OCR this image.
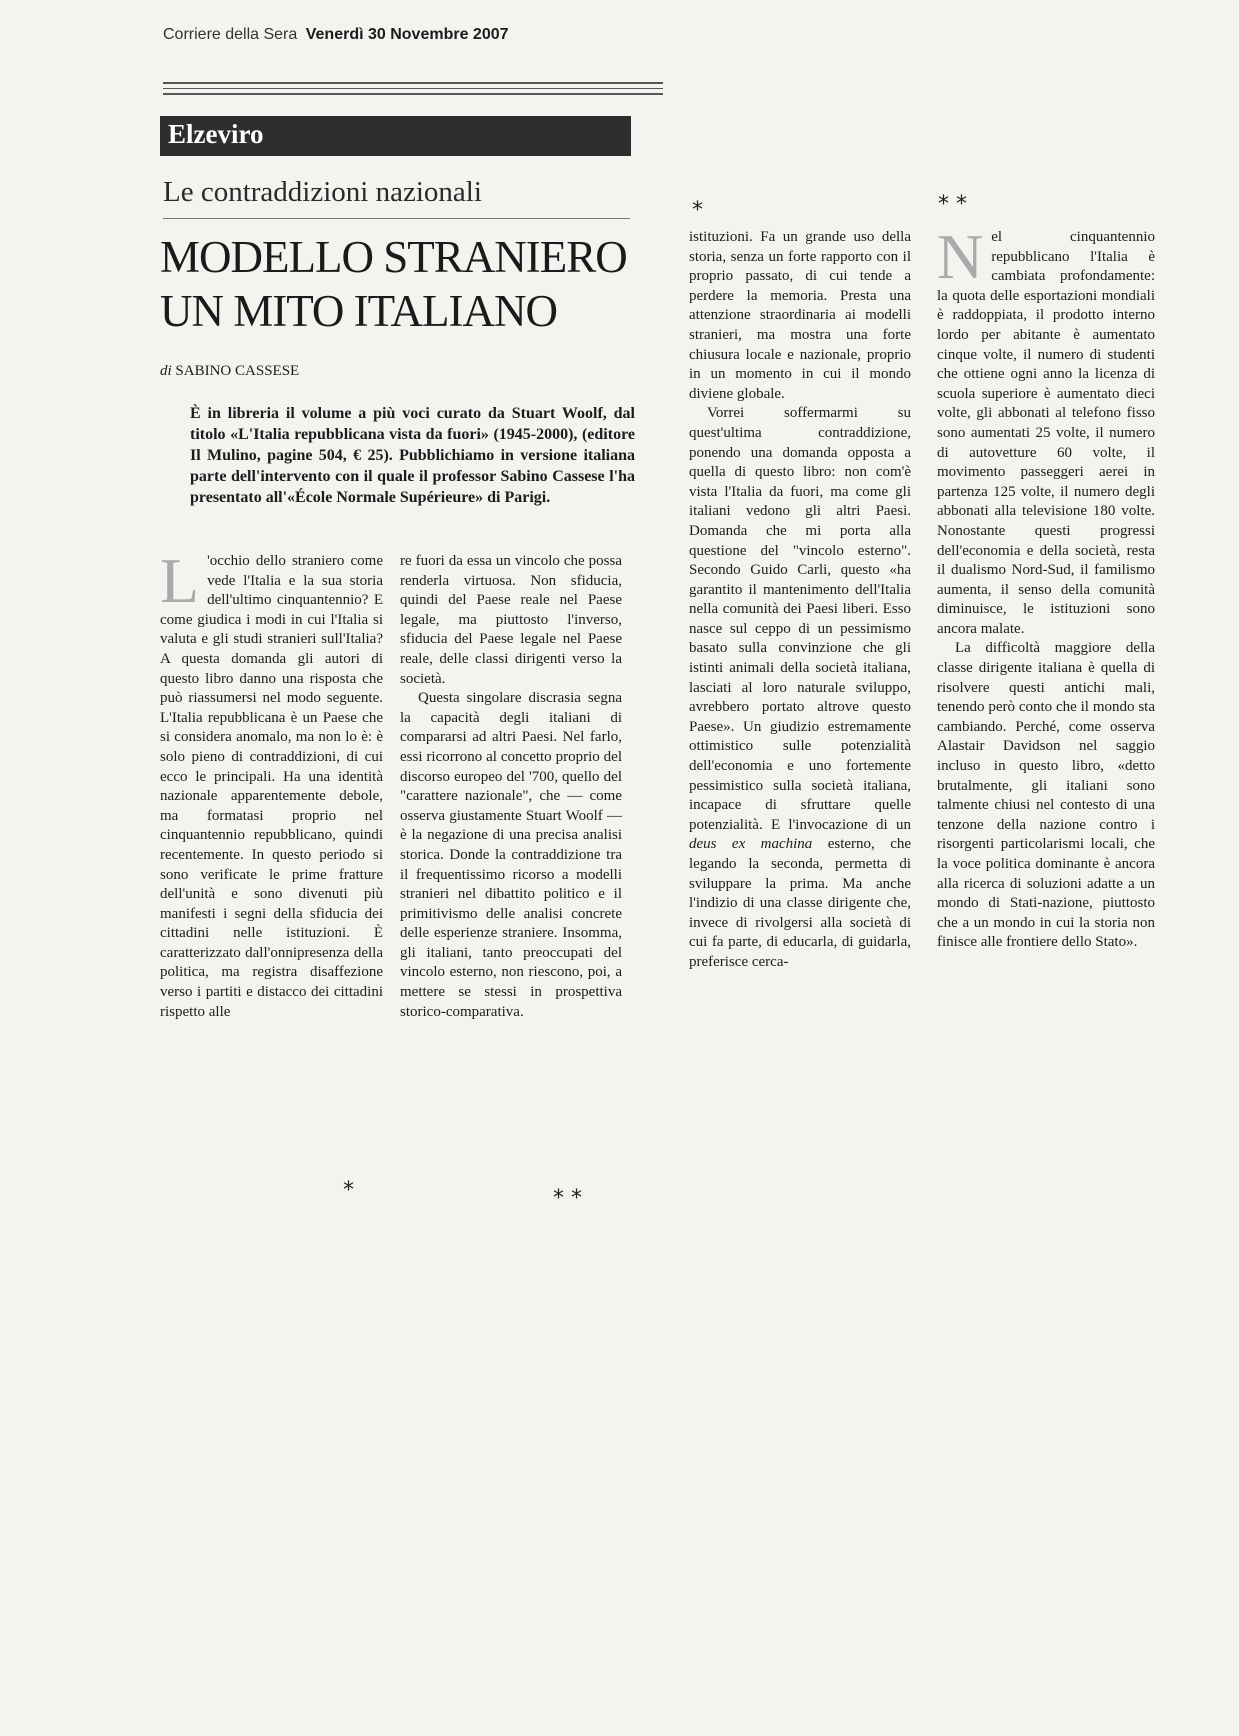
Corriere della Sera Venerdì 30 Novembre 2007
Elzeviro
Le contraddizioni nazionali
MODELLO STRANIERO
UN MITO ITALIANO
di SABINO CASSESE
È in libreria il volume a più voci curato da Stuart Woolf, dal titolo «L'Italia repubblicana vista da fuori» (1945-2000), (editore Il Mulino, pagine 504, € 25). Pubblichiamo in versione italiana parte dell'intervento con il quale il professor Sabino Cassese l'ha presentato all'«École Normale Supérieure» di Parigi.
L 'occhio dello straniero come vede l'Italia e la sua storia dell'ultimo cinquantennio? E come giudica i modi in cui l'Italia si valuta e gli studi stranieri sull'Italia? A questa domanda gli autori di questo libro danno una risposta che può riassumersi nel modo seguente. L'Italia repubblicana è un Paese che si considera anomalo, ma non lo è: è solo pieno di contraddizioni, di cui ecco le principali. Ha una identità nazionale apparentemente debole, ma formatasi proprio nel cinquantennio repubblicano, quindi recentemente. In questo periodo si sono verificate le prime fratture dell'unità e sono divenuti più manifesti i segni della sfiducia dei cittadini nelle istituzioni. È caratterizzato dall'onnipresenza della politica, ma registra disaffezione verso i partiti e distacco dei cittadini rispetto alle

*

re fuori da essa un vincolo che possa renderla virtuosa. Non sfiducia, quindi del Paese reale nel Paese legale, ma piuttosto l'inverso, sfiducia del Paese legale nel Paese reale, delle classi dirigenti verso la società.

Questa singolare discrasia segna la capacità degli italiani di compararsi ad altri Paesi. Nel farlo, essi ricorrono al concetto proprio del discorso europeo del '700, quello del "carattere nazionale", che — come osserva giustamente Stuart Woolf — è la negazione di una precisa analisi storica. Donde la contraddizione tra il frequentissimo ricorso a modelli stranieri nel dibattito politico e il primitivismo delle analisi concrete delle esperienze straniere. Insomma, gli italiani, tanto preoccupati del vincolo esterno, non riescono, poi, a mettere se stessi in prospettiva storico-comparativa.

* *
*

istituzioni. Fa un grande uso della storia, senza un forte rapporto con il proprio passato, di cui tende a perdere la memoria. Presta una attenzione straordinaria ai modelli stranieri, ma mostra una forte chiusura locale e nazionale, proprio in un momento in cui il mondo diviene globale.

Vorrei soffermarmi su quest'ultima contraddizione, ponendo una domanda opposta a quella di questo libro: non com'è vista l'Italia da fuori, ma come gli italiani vedono gli altri Paesi. Domanda che mi porta alla questione del "vincolo esterno". Secondo Guido Carli, questo «ha garantito il mantenimento dell'Italia nella comunità dei Paesi liberi. Esso nasce sul ceppo di un pessimismo basato sulla convinzione che gli istinti animali della società italiana, lasciati al loro naturale sviluppo, avrebbero portato altrove questo Paese». Un giudizio estremamente ottimistico sulle potenzialità dell'economia e uno fortemente pessimistico sulla società italiana, incapace di sfruttare quelle potenzialità. E l'invocazione di un deus ex machina esterno, che legando la seconda, permetta di sviluppare la prima. Ma anche l'indizio di una classe dirigente che, invece di rivolgersi alla società di cui fa parte, di educarla, di guidarla, preferisce cerca-

* *
N el cinquantennio repubblicano l'Italia è cambiata profondamente: la quota delle esportazioni mondiali è raddoppiata, il prodotto interno lordo per abitante è aumentato cinque volte, il numero di studenti che ottiene ogni anno la licenza di scuola superiore è aumentato dieci volte, gli abbonati al telefono fisso sono aumentati 25 volte, il numero di autovetture 60 volte, il movimento passeggeri aerei in partenza 125 volte, il numero degli abbonati alla televisione 180 volte. Nonostante questi progressi dell'economia e della società, resta il dualismo Nord-Sud, il familismo aumenta, il senso della comunità diminuisce, le istituzioni sono ancora malate.

La difficoltà maggiore della classe dirigente italiana è quella di risolvere questi antichi mali, tenendo però conto che il mondo sta cambiando. Perché, come osserva Alastair Davidson nel saggio incluso in questo libro, «detto brutalmente, gli italiani sono talmente chiusi nel contesto di una tenzone della nazione contro i risorgenti particolarismi locali, che la voce politica dominante è ancora alla ricerca di soluzioni adatte a un mondo di Stati-nazione, piuttosto che a un mondo in cui la storia non finisce alle frontiere dello Stato».
